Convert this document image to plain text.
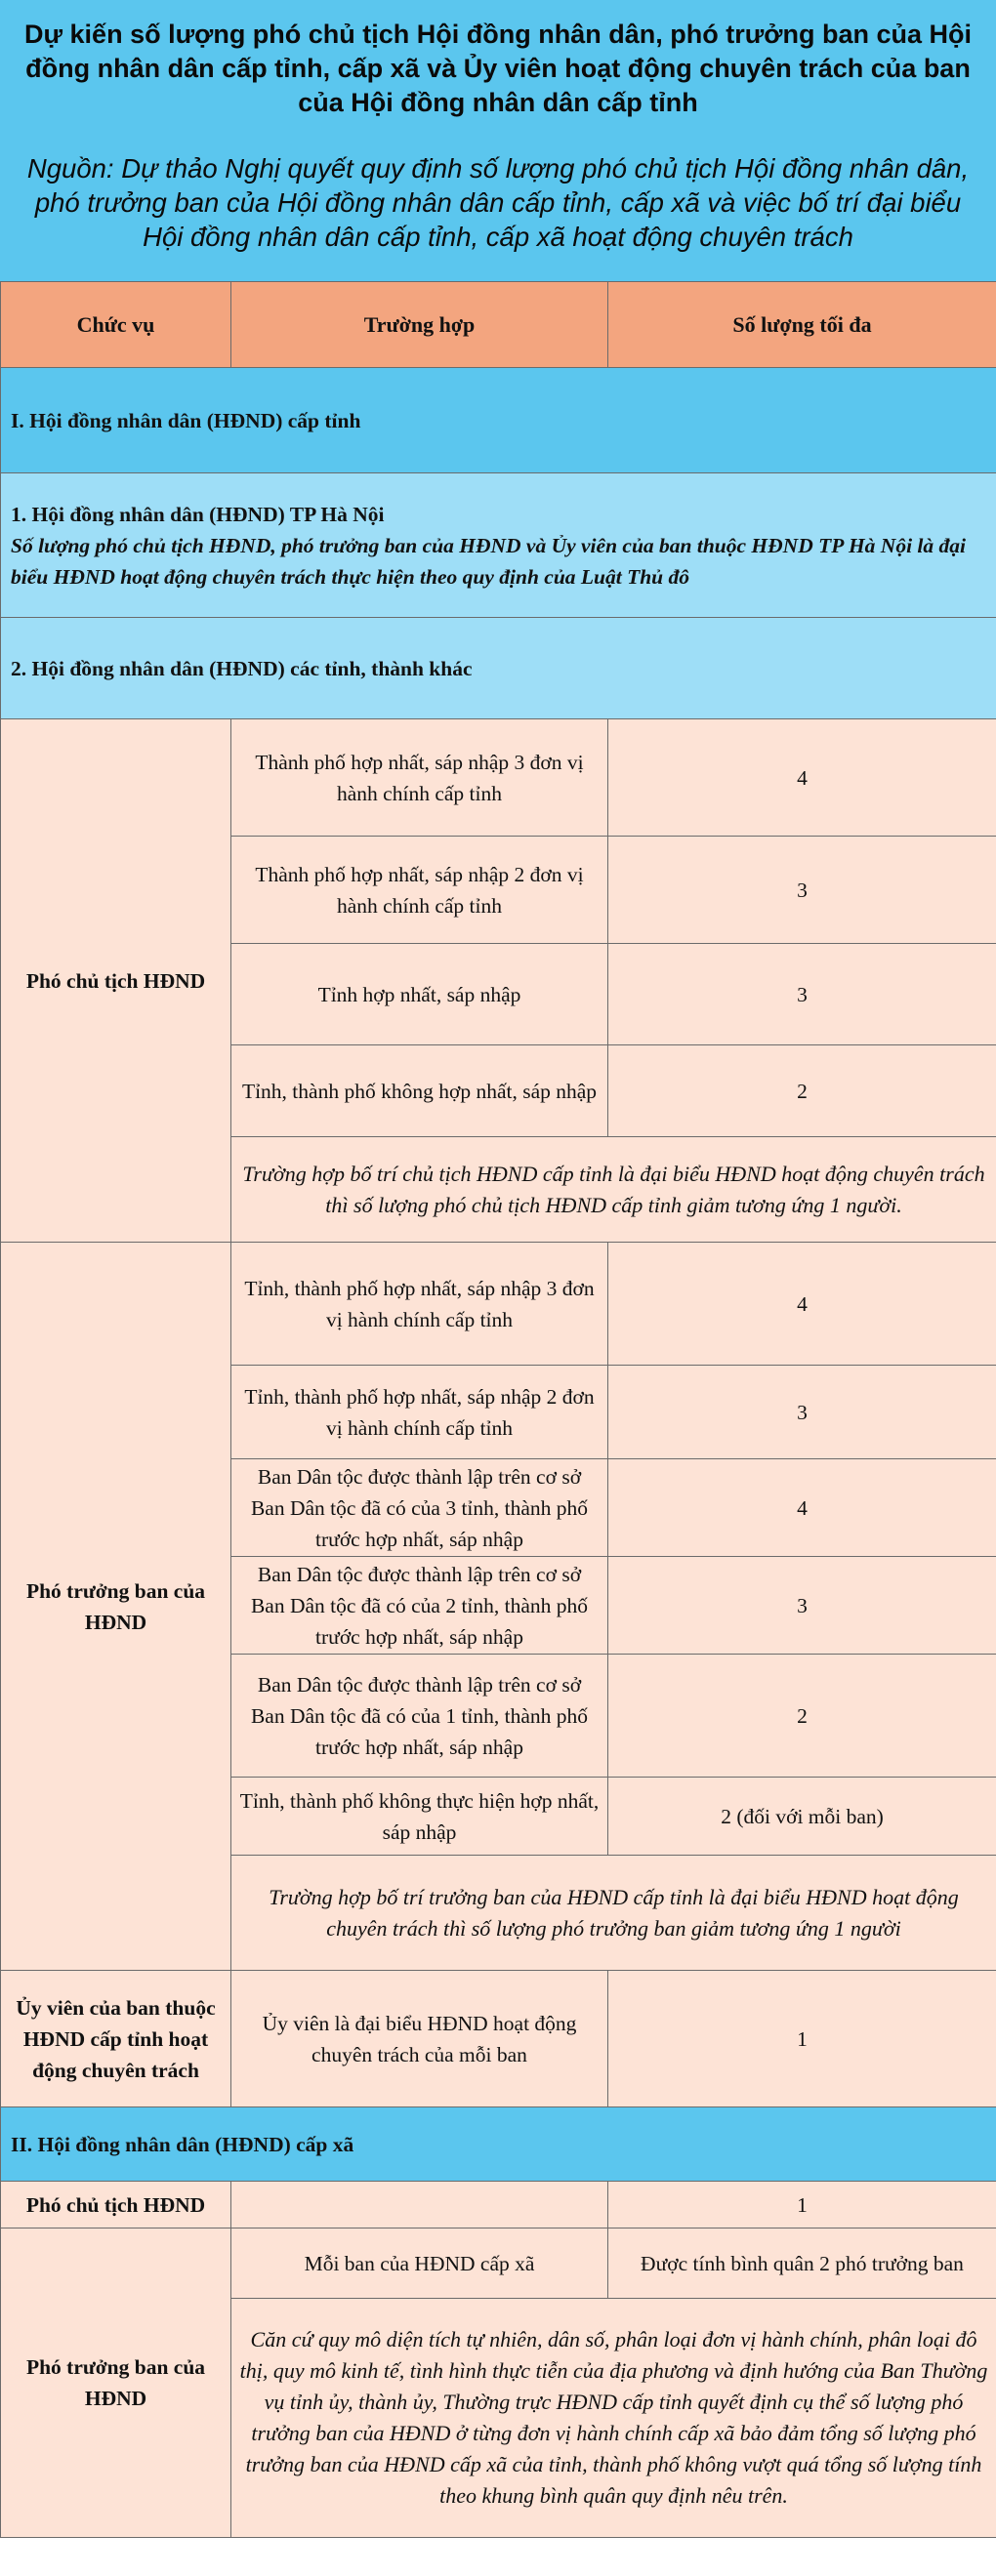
Dự kiến số lượng phó chủ tịch Hội đồng nhân dân, phó trưởng ban của Hội đồng nhân dân cấp tỉnh, cấp xã và Ủy viên hoạt động chuyên trách của ban của Hội đồng nhân dân cấp tỉnh
Nguồn: Dự thảo Nghị quyết quy định số lượng phó chủ tịch Hội đồng nhân dân, phó trưởng ban của Hội đồng nhân dân cấp tỉnh, cấp xã và việc bố trí đại biểu Hội đồng nhân dân cấp tỉnh, cấp xã hoạt động chuyên trách
Chức vụ	Trường hợp	Số lượng tối đa
I. Hội đồng nhân dân (HĐND) cấp tỉnh		

1. Hội đồng nhân dân (HĐND) TP Hà Nội
Số lượng phó chủ tịch HĐND, phó trưởng ban của HĐND và Ủy viên của ban thuộc HĐND TP Hà Nội là đại biểu HĐND hoạt động chuyên trách thực hiện theo quy định của Luật Thủ đô		

2. Hội đồng nhân dân (HĐND) các tỉnh, thành khác		
Phó chủ tịch HĐND	Thành phố hợp nhất, sáp nhập 3 đơn vị hành chính cấp tỉnh	4
	Thành phố hợp nhất, sáp nhập 2 đơn vị hành chính cấp tỉnh	3
	Tỉnh hợp nhất, sáp nhập	3
	Tỉnh, thành phố không hợp nhất, sáp nhập	2
	Trường hợp bố trí chủ tịch HĐND cấp tỉnh là đại biểu HĐND hoạt động chuyên trách thì số lượng phó chủ tịch HĐND cấp tỉnh giảm tương ứng 1 người.	
Phó trưởng ban của HĐND	Tỉnh, thành phố hợp nhất, sáp nhập 3 đơn vị hành chính cấp tỉnh	4
	Tỉnh, thành phố hợp nhất, sáp nhập 2 đơn vị hành chính cấp tỉnh	3
	Ban Dân tộc được thành lập trên cơ sở Ban Dân tộc đã có của 3 tỉnh, thành phố trước hợp nhất, sáp nhập	4
	Ban Dân tộc được thành lập trên cơ sở Ban Dân tộc đã có của 2 tỉnh, thành phố trước hợp nhất, sáp nhập	3
	Ban Dân tộc được thành lập trên cơ sở Ban Dân tộc đã có của 1 tỉnh, thành phố trước hợp nhất, sáp nhập	2
	Tỉnh, thành phố không thực hiện hợp nhất, sáp nhập	2 (đối với mỗi ban)
	Trường hợp bố trí trưởng ban của HĐND cấp tỉnh là đại biểu HĐND hoạt động chuyên trách thì số lượng phó trưởng ban giảm tương ứng 1 người	
Ủy viên của ban thuộc HĐND cấp tỉnh hoạt động chuyên trách	Ủy viên là đại biểu HĐND hoạt động chuyên trách của mỗi ban	1
II. Hội đồng nhân dân (HĐND) cấp xã		
Phó chủ tịch HĐND		1
Phó trưởng ban của HĐND	Mỗi ban của HĐND cấp xã	Được tính bình quân 2 phó trưởng ban
	Căn cứ quy mô diện tích tự nhiên, dân số, phân loại đơn vị hành chính, phân loại đô thị, quy mô kinh tế, tình hình thực tiễn của địa phương và định hướng của Ban Thường vụ tỉnh ủy, thành ủy, Thường trực HĐND cấp tỉnh quyết định cụ thể số lượng phó trưởng ban của HĐND ở từng đơn vị hành chính cấp xã bảo đảm tổng số lượng phó trưởng ban của HĐND cấp xã của tỉnh, thành phố không vượt quá tổng số lượng tính theo khung bình quân quy định nêu trên.	
